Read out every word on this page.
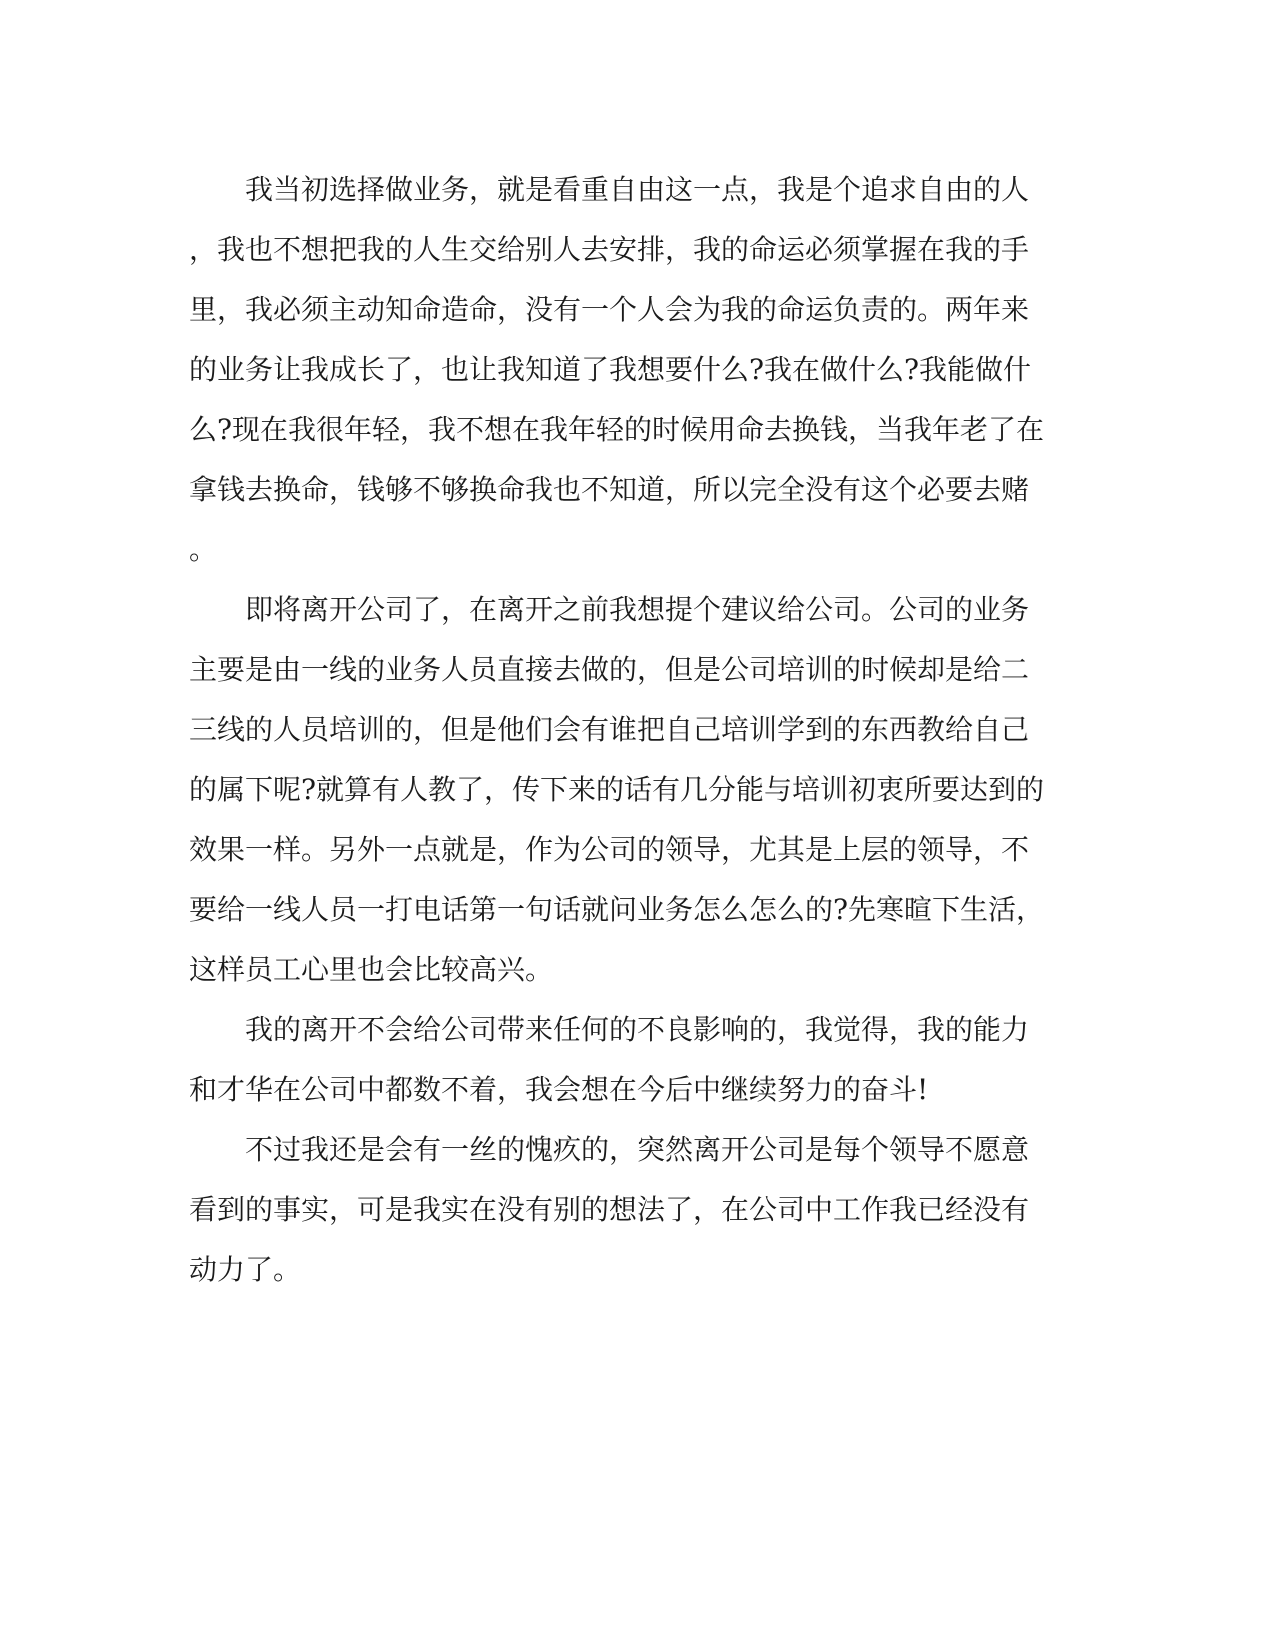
　　我当初选择做业务，就是看重自由这一点，我是个追求自由的人
，我也不想把我的人生交给别人去安排，我的命运必须掌握在我的手
里，我必须主动知命造命，没有一个人会为我的命运负责的。两年来
的业务让我成长了，也让我知道了我想要什么?我在做什么?我能做什
么?现在我很年轻，我不想在我年轻的时候用命去换钱，当我年老了在
拿钱去换命，钱够不够换命我也不知道，所以完全没有这个必要去赌
。
　　即将离开公司了，在离开之前我想提个建议给公司。公司的业务
主要是由一线的业务人员直接去做的，但是公司培训的时候却是给二
三线的人员培训的，但是他们会有谁把自己培训学到的东西教给自己
的属下呢?就算有人教了，传下来的话有几分能与培训初衷所要达到的
效果一样。另外一点就是，作为公司的领导，尤其是上层的领导，不
要给一线人员一打电话第一句话就问业务怎么怎么的?先寒暄下生活，
这样员工心里也会比较高兴。
　　我的离开不会给公司带来任何的不良影响的，我觉得，我的能力
和才华在公司中都数不着，我会想在今后中继续努力的奋斗!
　　不过我还是会有一丝的愧疚的，突然离开公司是每个领导不愿意
看到的事实，可是我实在没有别的想法了，在公司中工作我已经没有
动力了。
